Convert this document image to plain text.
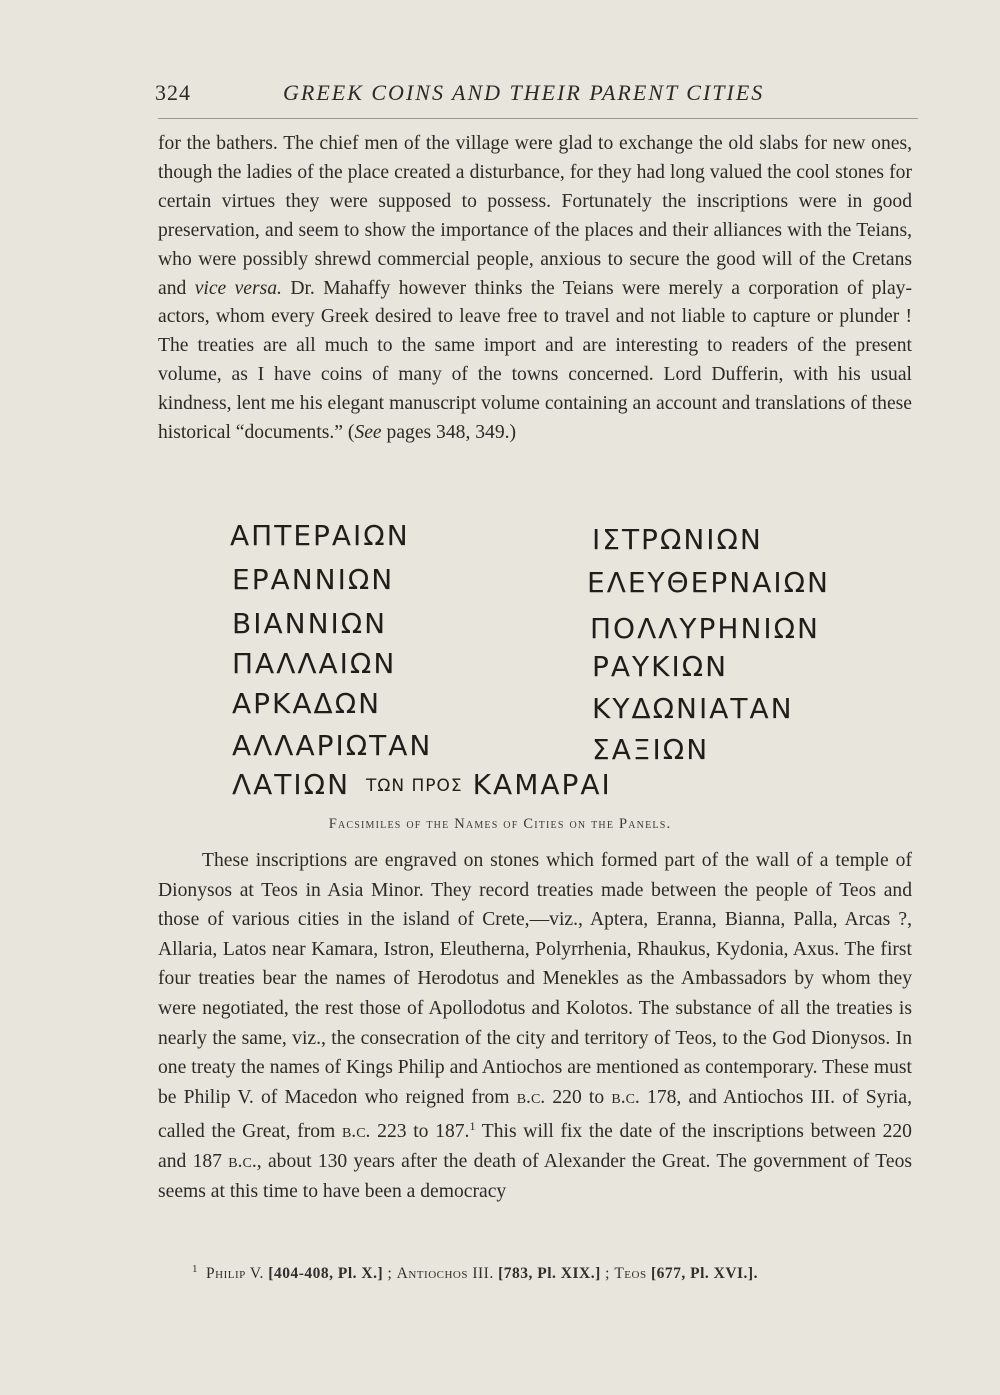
324	GREEK COINS AND THEIR PARENT CITIES

for the bathers. The chief men of the village were glad to exchange the old slabs for new ones, though the ladies of the place created a disturbance, for they had long valued the cool stones for certain virtues they were supposed to possess. Fortunately the inscriptions were in good preservation, and seem to show the importance of the places and their alliances with the Teians, who were possibly shrewd commercial people, anxious to secure the good will of the Cretans and vice versa. Dr. Mahaffy however thinks the Teians were merely a corporation of play-actors, whom every Greek desired to leave free to travel and not liable to capture or plunder ! The treaties are all much to the same import and are interesting to readers of the present volume, as I have coins of many of the towns concerned. Lord Dufferin, with his usual kindness, lent me his elegant manuscript volume containing an account and translations of these historical “documents.” (See pages 348, 349.)

ΑΠΤΕΡΑΙΩΝ
ΕΡΑΝΝΙΩΝ
ΒΙΑΝΝΙΩΝ
ΠΑΛΛΑΙΩΝ
ΑΡΚΑΔΩΝ
ΑΛΛΑΡΙΩΤΑΝ
ΙΣΤΡΩΝΙΩΝ
ΕΛΕΥΘΕΡΝΑΙΩΝ
ΠΟΛΛΥΡΗΝΙΩΝ
ΡΑΥΚΙΩΝ
ΚΥΔΩΝΙΑΤΑΝ
ΣΑΞΙΩΝ
ΛΑΤΙΩΝ ΤΩΝ ΠΡΟΣ ΚΑΜΑΡΑΙ
Facsimiles of the Names of Cities on the Panels.

These inscriptions are engraved on stones which formed part of the wall of a temple of Dionysos at Teos in Asia Minor. They record treaties made between the people of Teos and those of various cities in the island of Crete,—viz., Aptera, Eranna, Bianna, Palla, Arcas ?, Allaria, Latos near Kamara, Istron, Eleutherna, Polyrrhenia, Rhaukus, Kydonia, Axus. The first four treaties bear the names of Herodotus and Menekles as the Ambassadors by whom they were negotiated, the rest those of Apollodotus and Kolotos. The substance of all the treaties is nearly the same, viz., the consecration of the city and territory of Teos, to the God Dionysos. In one treaty the names of Kings Philip and Antiochos are mentioned as contemporary. These must be Philip V. of Macedon who reigned from b.c. 220 to b.c. 178, and Antiochos III. of Syria, called the Great, from b.c. 223 to 187.$^1$ This will fix the date of the inscriptions between 220 and 187 b.c., about 130 years after the death of Alexander the Great. The government of Teos seems at this time to have been a democracy

$^1$ Philip V. [404-408, Pl. X.] ; Antiochos III. [783, Pl. XIX.] ; Teos [677, Pl. XVI.].
